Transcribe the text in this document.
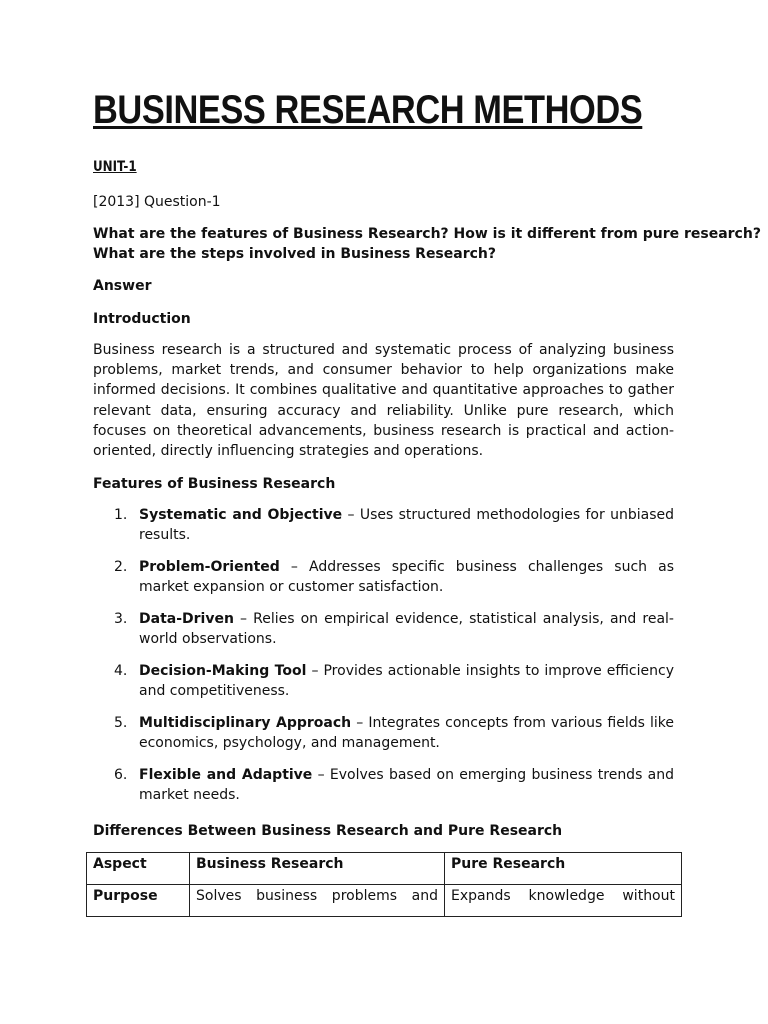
BUSINESS RESEARCH METHODS
UNIT-1
[2013] Question-1
What are the features of Business Research? How is it different from pure research?
What are the steps involved in Business Research?
Answer
Introduction
Business research is a structured and systematic process of analyzing business problems, market trends, and consumer behavior to help organizations make informed decisions. It combines qualitative and quantitative approaches to gather relevant data, ensuring accuracy and reliability. Unlike pure research, which focuses on theoretical advancements, business research is practical and action-oriented, directly influencing strategies and operations.
Features of Business Research
1. Systematic and Objective – Uses structured methodologies for unbiased results.
2. Problem-Oriented – Addresses specific business challenges such as market expansion or customer satisfaction.
3. Data-Driven – Relies on empirical evidence, statistical analysis, and real-world observations.
4. Decision-Making Tool – Provides actionable insights to improve efficiency and competitiveness.
5. Multidisciplinary Approach – Integrates concepts from various fields like economics, psychology, and management.
6. Flexible and Adaptive – Evolves based on emerging business trends and market needs.
Differences Between Business Research and Pure Research
Aspect	Business Research	Pure Research
Purpose	Solves business problems and	Expands knowledge without
